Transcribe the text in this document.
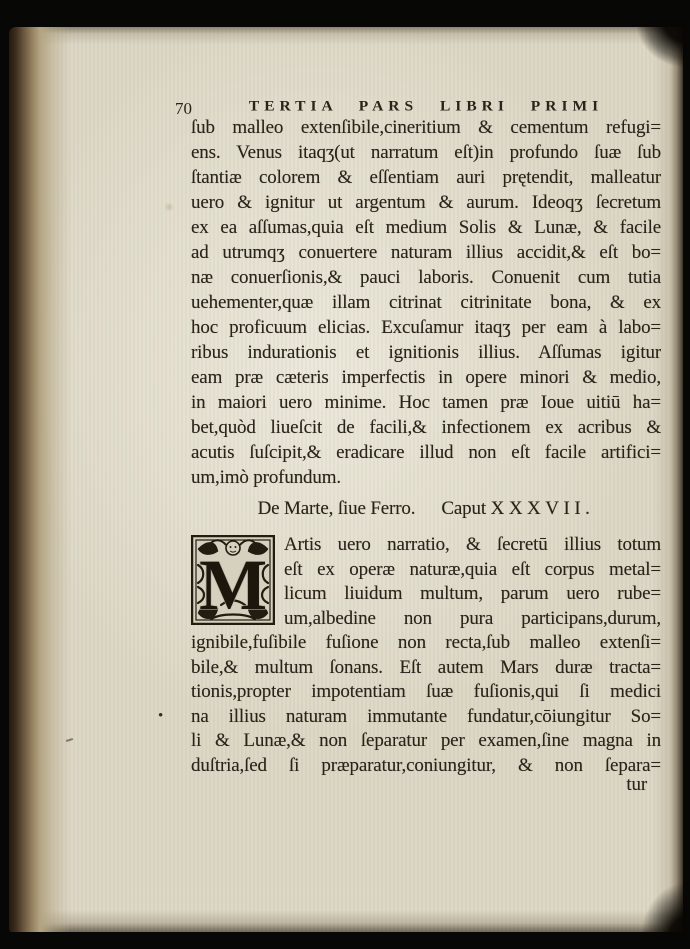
70	TERTIA PARS LIBRI PRIMI
ſub malleo extenſibile,cineritium & cementum refugi=
ens. Venus itaqʒ(ut narratum eſt)in profundo ſuæ ſub
ſtantiæ colorem & eſſentiam auri prętendit, malleatur
uero & ignitur ut argentum & aurum. Ideoqʒ ſecretum
ex ea aſſumas,quia eſt medium Solis & Lunæ, & facile
ad utrumqʒ conuertere naturam illius accidit,& eſt bo=
næ conuerſionis,& pauci laboris. Conuenit cum tutia
uehementer,quæ illam citrinat citrinitate bona, & ex
hoc proficuum elicias. Excuſamur itaqʒ per eam à labo=
ribus indurationis et ignitionis illius. Aſſumas igitur
eam præ cæteris imperfectis in opere minori & medio,
in maiori uero minime. Hoc tamen præ Ioue uitiū ha=
bet,quòd liueſcit de facili,& infectionem ex acribus &
acutis ſuſcipit,& eradicare illud non eſt facile artifici=
um,imò profundum.
De Marte, ſiue Ferro. Caput XXXVII.
M
Artis uero narratio, & ſecretū illius totum
eſt ex operæ naturæ,quia eſt corpus metal=
licum liuidum multum, parum uero rube=
um,albedine non pura participans,durum,
ignibile,fuſibile fuſione non recta,ſub malleo extenſi=
bile,& multum ſonans. Eſt autem Mars duræ tracta=
tionis,propter impotentiam ſuæ fuſionis,qui ſi medici
na illius naturam immutante fundatur,cōiungitur So=
li & Lunæ,& non ſeparatur per examen,ſine magna in
duſtria,ſed ſi præparatur,coniungitur, & non ſepara=
tur
•
